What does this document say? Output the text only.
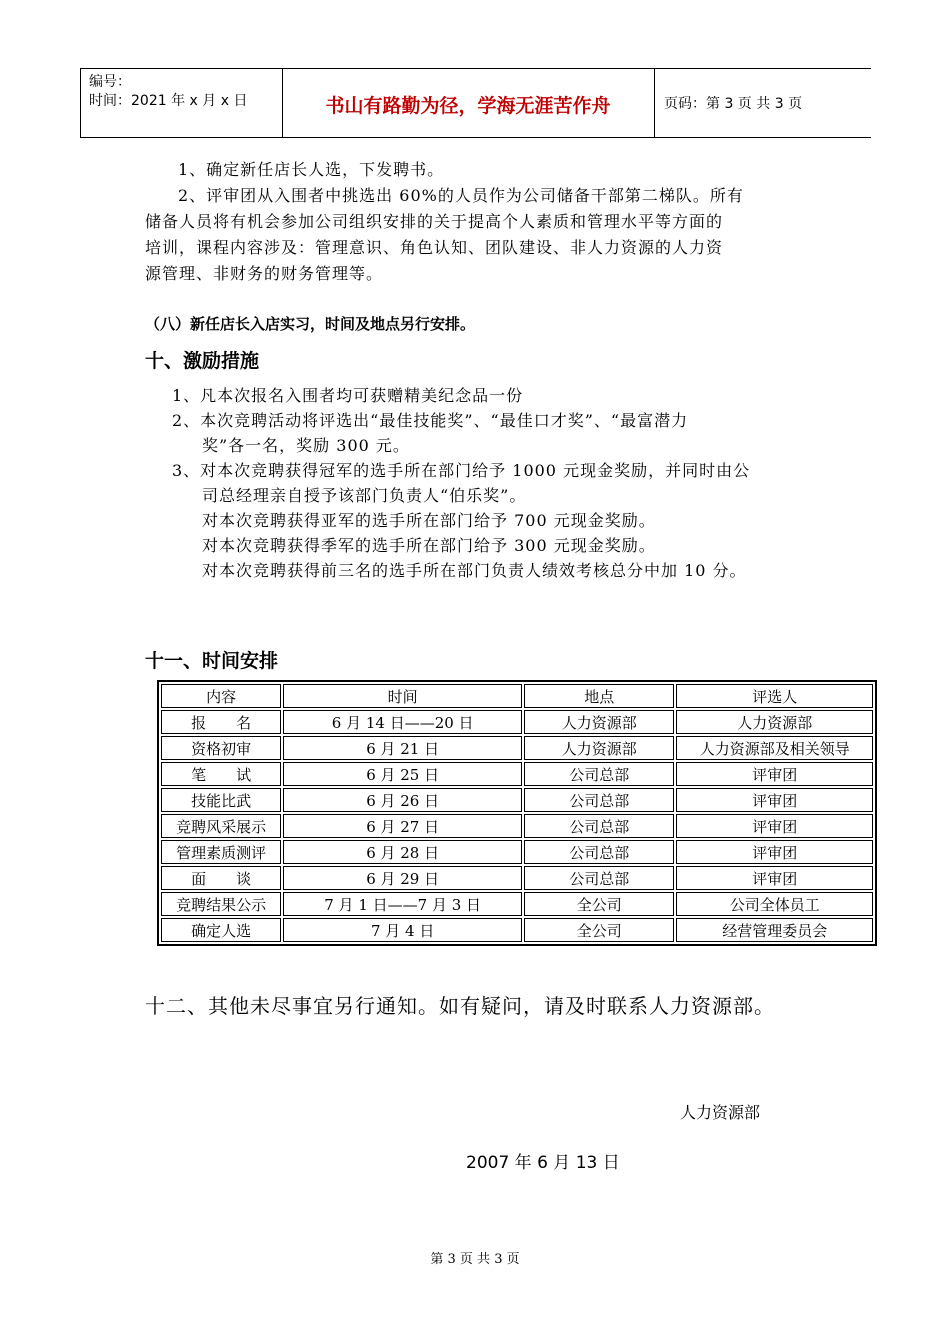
编号：
时间：2021 年 x 月 x 日	书山有路勤为径，学海无涯苦作舟	页码：第 3 页 共 3 页
1、确定新任店长人选，下发聘书。
2、评审团从入围者中挑选出 60%的人员作为公司储备干部第二梯队。所有
储备人员将有机会参加公司组织安排的关于提高个人素质和管理水平等方面的
培训，课程内容涉及：管理意识、角色认知、团队建设、非人力资源的人力资
源管理、非财务的财务管理等。
（八）新任店长入店实习，时间及地点另行安排。
十、激励措施
1、凡本次报名入围者均可获赠精美纪念品一份
2、本次竞聘活动将评选出“最佳技能奖”、“最佳口才奖”、“最富潜力
奖”各一名，奖励 300 元。
3、对本次竞聘获得冠军的选手所在部门给予 1000 元现金奖励，并同时由公
司总经理亲自授予该部门负责人“伯乐奖”。
对本次竞聘获得亚军的选手所在部门给予 700 元现金奖励。
对本次竞聘获得季军的选手所在部门给予 300 元现金奖励。
对本次竞聘获得前三名的选手所在部门负责人绩效考核总分中加 10 分。
十一、时间安排
内容	时间	地点	评选人
报　　名	6 月 14 日——20 日	人力资源部	人力资源部
资格初审	6 月 21 日	人力资源部	人力资源部及相关领导
笔　　试	6 月 25 日	公司总部	评审团
技能比武	6 月 26 日	公司总部	评审团
竞聘风采展示	6 月 27 日	公司总部	评审团
管理素质测评	6 月 28 日	公司总部	评审团
面　　谈	6 月 29 日	公司总部	评审团
竞聘结果公示	7 月 1 日——7 月 3 日	全公司	公司全体员工
确定人选	7 月 4 日	全公司	经营管理委员会
十二、其他未尽事宜另行通知。如有疑问，请及时联系人力资源部。
人力资源部
2007 年 6 月 13 日
第 3 页 共 3 页
